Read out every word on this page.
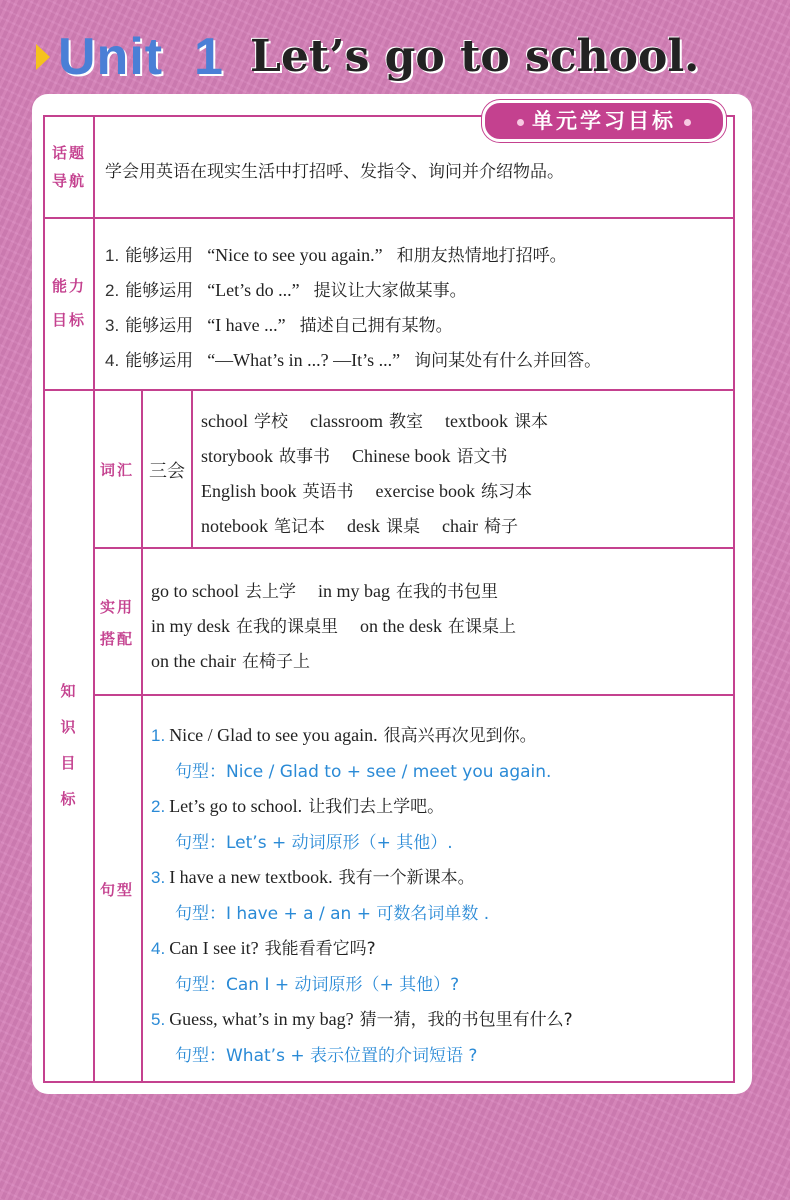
Unit 1 Let’s go to school.
话题
导航	学会用英语在现实生活中打招呼、发指令、询问并介绍物品。
能力
目标
1. 能够运用 “Nice to see you again.” 和朋友热情地打招呼。
2. 能够运用 “Let’s do ...” 提议让大家做某事。
3. 能够运用 “I have ...” 描述自己拥有某物。
4. 能够运用 “—What’s in ...? —It’s ...” 询问某处有什么并回答。
知
识
目
标
词汇 三会
school 学校 classroom 教室 textbook 课本
storybook 故事书 Chinese book 语文书
English book 英语书 exercise book 练习本
notebook 笔记本 desk 课桌 chair 椅子
实用
搭配
go to school 去上学 in my bag 在我的书包里
in my desk 在我的课桌里 on the desk 在课桌上
on the chair 在椅子上
句型
1. Nice / Glad to see you again. 很高兴再次见到你。
句型：Nice / Glad to + see / meet you again.
2. Let’s go to school. 让我们去上学吧。
句型：Let’s + 动词原形（+ 其他）.
3. I have a new textbook. 我有一个新课本。
句型：I have + a / an + 可数名词单数 .
4. Can I see it? 我能看看它吗?
句型：Can I + 动词原形（+ 其他）?
5. Guess, what’s in my bag? 猜一猜，我的书包里有什么?
句型：What’s + 表示位置的介词短语 ?
单元学习目标
